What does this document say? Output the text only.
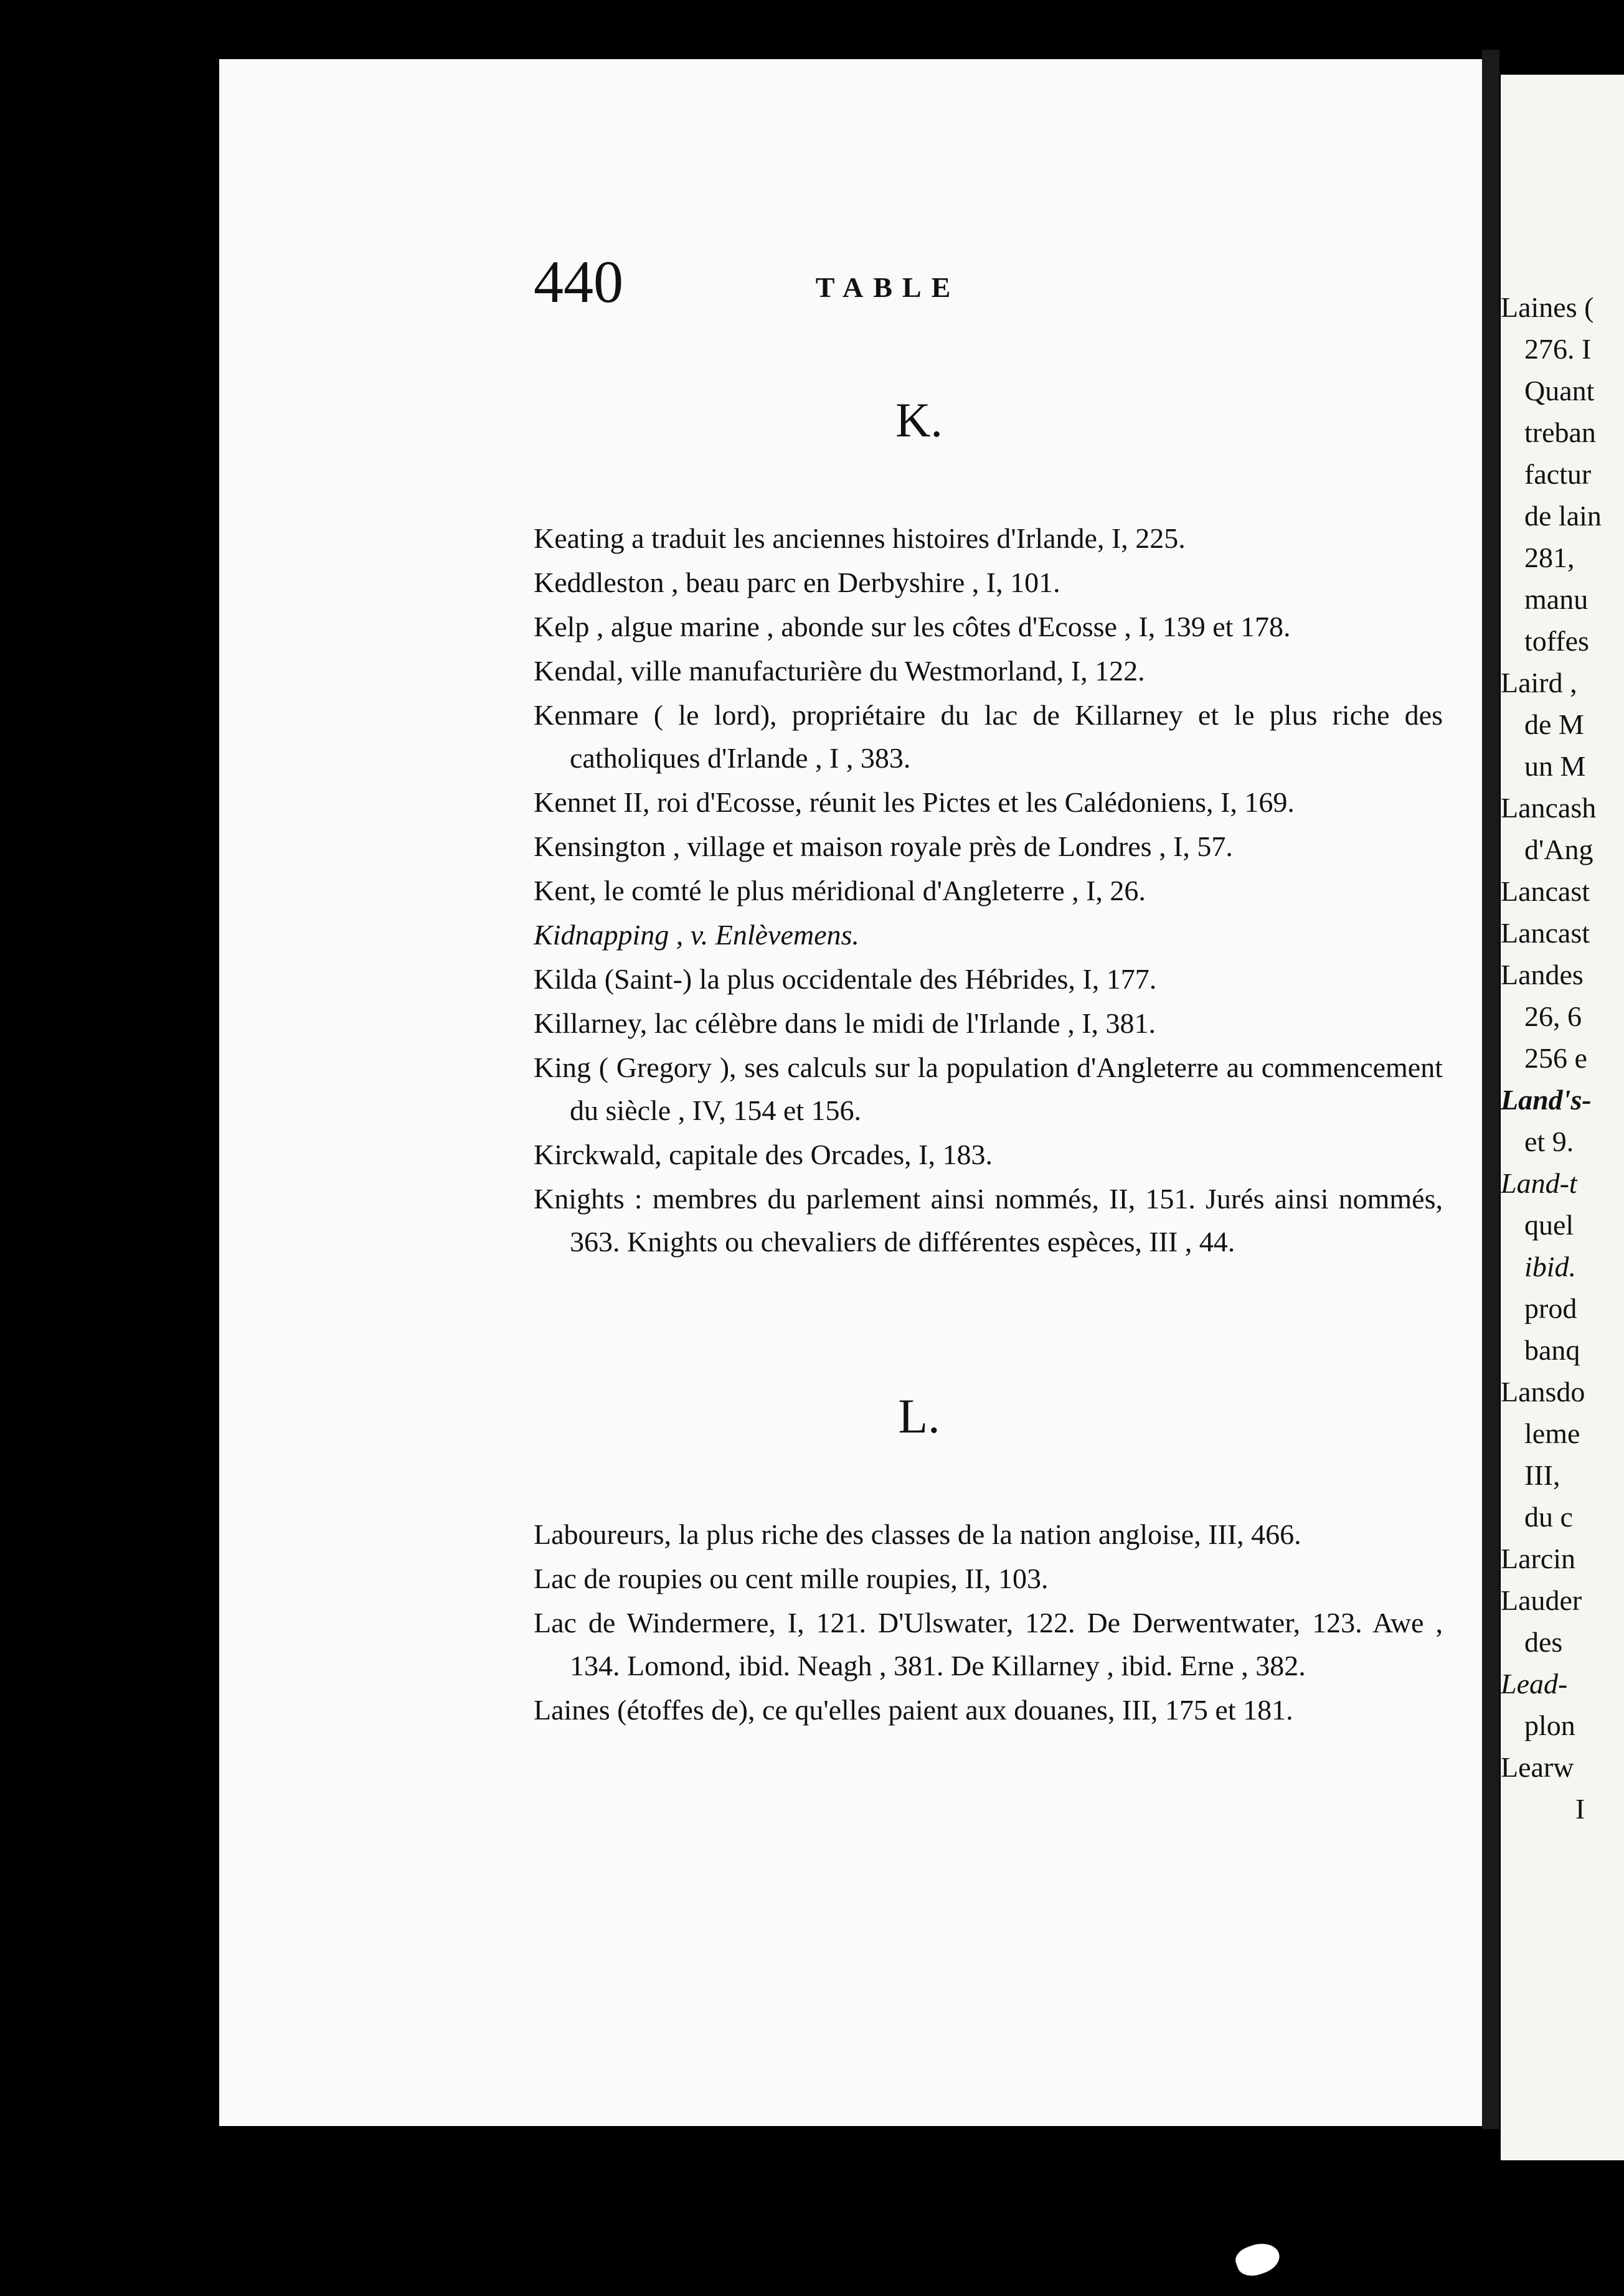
440	TABLE
K.

Keating a traduit les anciennes histoires d'Irlande, I, 225.

Keddleston , beau parc en Derbyshire , I, 101.

Kelp , algue marine , abonde sur les côtes d'Ecosse , I, 139 et 178.

Kendal, ville manufacturière du Westmorland, I, 122.

Kenmare ( le lord), propriétaire du lac de Killarney et le plus riche des catholiques d'Irlande , I , 383.

Kennet II, roi d'Ecosse, réunit les Pictes et les Calédoniens, I, 169.

Kensington , village et maison royale près de Londres , I, 57.

Kent, le comté le plus méridional d'Angleterre , I, 26.

Kidnapping , v. Enlèvemens.

Kilda (Saint-) la plus occidentale des Hébrides, I, 177.

Killarney, lac célèbre dans le midi de l'Irlande , I, 381.

King ( Gregory ), ses calculs sur la population d'Angleterre au commencement du siècle , IV, 154 et 156.

Kirckwald, capitale des Orcades, I, 183.

Knights : membres du parlement ainsi nommés, II, 151. Jurés ainsi nommés, 363. Knights ou chevaliers de différentes espèces, III , 44.

L.

Laboureurs, la plus riche des classes de la nation angloise, III, 466.

Lac de roupies ou cent mille roupies, II, 103.

Lac de Windermere, I, 121. D'Ulswater, 122. De Derwentwater, 123. Awe , 134. Lomond, ibid. Neagh , 381. De Killarney , ibid. Erne , 382.

Laines (étoffes de), ce qu'elles paient aux douanes, III, 175 et 181.

Laines (
276. I
Quant
treban
factur
de lain
281,
manu
toffes
Laird ,
de M
un M
Lancash
d'Ang
Lancast
Lancast
Landes
26, 6
256 e
Land's-
et 9.
Land-t
quel
ibid.
prod
banq
Lansdo
leme
III,
du c
Larcin
Lauder
des
Lead-
plon
Learw
I
